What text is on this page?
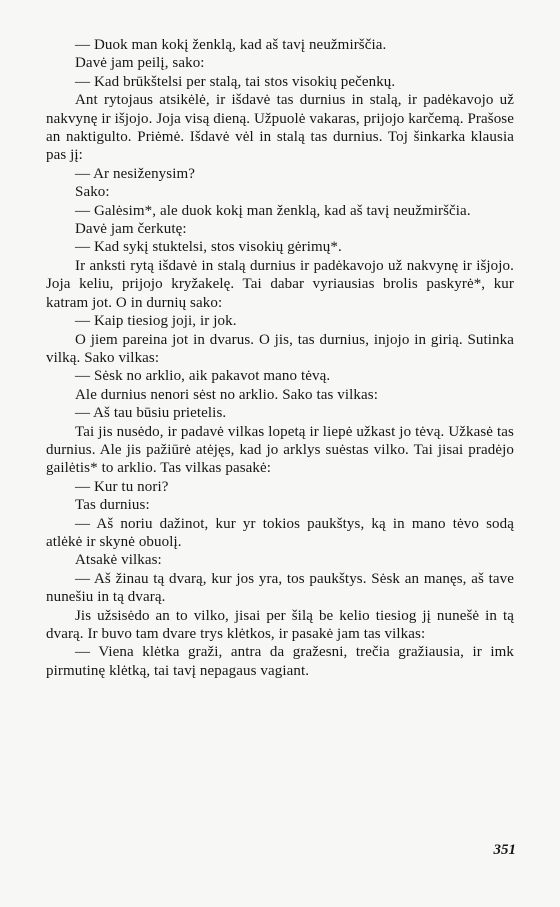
— Duok man kokį ženklą, kad aš tavį neužmirščia.

Davė jam peilį, sako:

— Kad brūkštelsi per stalą, tai stos visokių pečenkų.

Ant rytojaus atsikėlė, ir išdavė tas durnius in stalą, ir padėkavojo už nakvynę ir išjojo. Joja visą dieną. Užpuolė vakaras, prijojo karčemą. Prašose an naktigulto. Priėmė. Išdavė vėl in stalą tas durnius. Toj šinkarka klausia pas jį:

— Ar nesiženysim?

Sako:

— Galėsim*, ale duok kokį man ženklą, kad aš tavį neužmirščia.

Davė jam čerkutę:

— Kad sykį stuktelsi, stos visokių gėrimų*.

Ir anksti rytą išdavė in stalą durnius ir padėkavojo už nakvynę ir išjojo. Joja keliu, prijojo kryžakelę. Tai dabar vyriausias brolis paskyrė*, kur katram jot. O in durnių sako:

— Kaip tiesiog joji, ir jok.

O jiem pareina jot in dvarus. O jis, tas durnius, injojo in girią. Sutinka vilką. Sako vilkas:

— Sėsk no arklio, aik pakavot mano tėvą.

Ale durnius nenori sėst no arklio. Sako tas vilkas:

— Aš tau būsiu prietelis.

Tai jis nusėdo, ir padavė vilkas lopetą ir liepė užkast jo tėvą. Užkasė tas durnius. Ale jis pažiūrė atėjęs, kad jo arklys suėstas vilko. Tai jisai pradėjo gailėtis* to arklio. Tas vilkas pasakė:

— Kur tu nori?

Tas durnius:

— Aš noriu dažinot, kur yr tokios paukštys, ką in mano tėvo sodą atlėkė ir skynė obuolį.

Atsakė vilkas:

— Aš žinau tą dvarą, kur jos yra, tos paukštys. Sėsk an manęs, aš tave nunešiu in tą dvarą.

Jis užsisėdo an to vilko, jisai per šilą be kelio tiesiog jį nunešė in tą dvarą. Ir buvo tam dvare trys klėtkos, ir pasakė jam tas vilkas:

— Viena klėtka graži, antra da gražesni, trečia gražiausia, ir imk pirmutinę klėtką, tai tavį nepagaus vagiant.

351
